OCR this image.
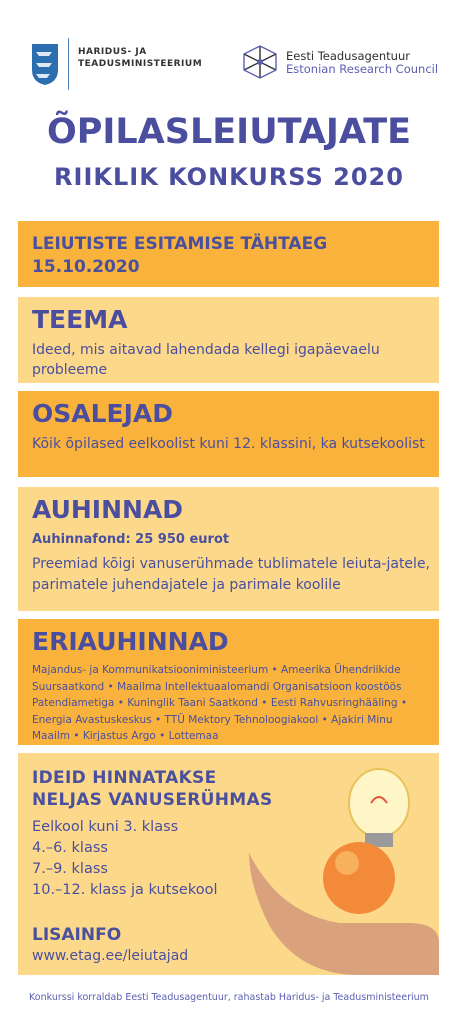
HARIDUS- JA
TEADUSMINISTEERIUM
Eesti Teadusagentuur
Estonian Research Council
ÕPILASLEIUTAJATE
RIIKLIK KONKURSS 2020
LEIUTISTE ESITAMISE TÄHTAEG
15.10.2020
TEEMA

Ideed, mis aitavad lahendada kellegi igapäevaelu probleeme

OSALEJAD

Kõik õpilased eelkoolist kuni 12. klassini, ka kutsekoolist

AUHINNAD
Auhinnafond: 25 950 eurot
Preemiad kõigi vanuserühmade tublimatele leiuta-jatele, parimatele juhendajatele ja parimale koolile
ERIAUHINNAD
Majandus- ja Kommunikatsiooniministeerium • Ameerika Ühendriikide Suursaatkond • Maailma Intellektuaalomandi Organisatsioon koostöös Patendiametiga • Kuninglik Taani Saatkond • Eesti Rahvusringhääling • Energia Avastuskeskus • TTÜ Mektory Tehnoloogiakool • Ajakiri Minu Maailm • Kirjastus Argo • Lottemaa
IDEID HINNATAKSE
NELJAS VANUSERÜHMAS
Eelkool kuni 3. klass
4.–6. klass
7.–9. klass
10.–12. klass ja kutsekool
LISAINFO
www.etag.ee/leiutajad
Konkurssi korraldab Eesti Teadusagentuur, rahastab Haridus- ja Teadusministeerium
